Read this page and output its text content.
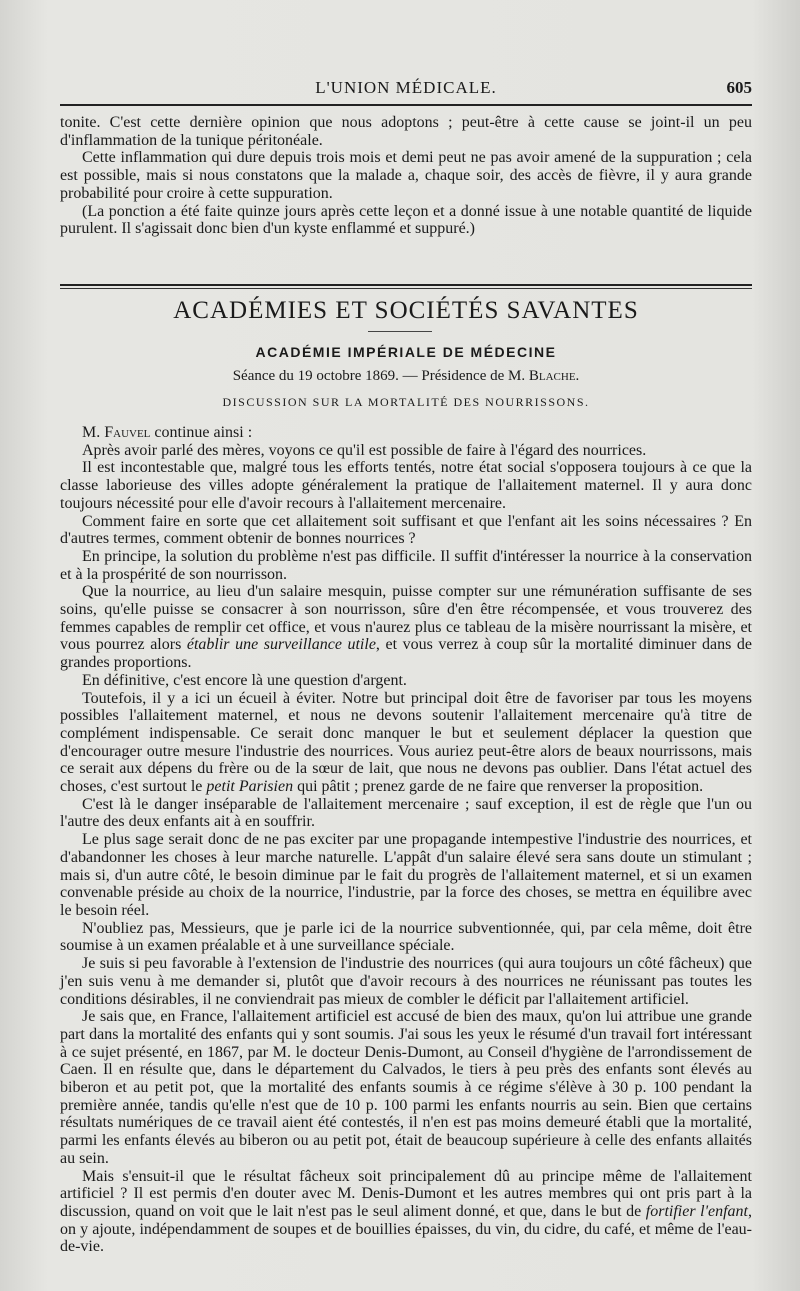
L'UNION MÉDICALE.	605

tonite. C'est cette dernière opinion que nous adoptons ; peut-être à cette cause se joint-il un peu d'inflammation de la tunique péritonéale.

Cette inflammation qui dure depuis trois mois et demi peut ne pas avoir amené de la suppuration ; cela est possible, mais si nous constatons que la malade a, chaque soir, des accès de fièvre, il y aura grande probabilité pour croire à cette suppuration.

(La ponction a été faite quinze jours après cette leçon et a donné issue à une notable quantité de liquide purulent. Il s'agissait donc bien d'un kyste enflammé et suppuré.)

ACADÉMIES ET SOCIÉTÉS SAVANTES
ACADÉMIE IMPÉRIALE DE MÉDECINE
Séance du 19 octobre 1869. — Présidence de M. Blache.
DISCUSSION SUR LA MORTALITÉ DES NOURRISSONS.

M. Fauvel continue ainsi :

Après avoir parlé des mères, voyons ce qu'il est possible de faire à l'égard des nourrices.

Il est incontestable que, malgré tous les efforts tentés, notre état social s'opposera toujours à ce que la classe laborieuse des villes adopte généralement la pratique de l'allaitement maternel. Il y aura donc toujours nécessité pour elle d'avoir recours à l'allaitement mercenaire.

Comment faire en sorte que cet allaitement soit suffisant et que l'enfant ait les soins nécessaires ? En d'autres termes, comment obtenir de bonnes nourrices ?

En principe, la solution du problème n'est pas difficile. Il suffit d'intéresser la nourrice à la conservation et à la prospérité de son nourrisson.

Que la nourrice, au lieu d'un salaire mesquin, puisse compter sur une rémunération suffisante de ses soins, qu'elle puisse se consacrer à son nourrisson, sûre d'en être récompensée, et vous trouverez des femmes capables de remplir cet office, et vous n'aurez plus ce tableau de la misère nourrissant la misère, et vous pourrez alors établir une surveillance utile, et vous verrez à coup sûr la mortalité diminuer dans de grandes proportions.

En définitive, c'est encore là une question d'argent.

Toutefois, il y a ici un écueil à éviter. Notre but principal doit être de favoriser par tous les moyens possibles l'allaitement maternel, et nous ne devons soutenir l'allaitement mercenaire qu'à titre de complément indispensable. Ce serait donc manquer le but et seulement déplacer la question que d'encourager outre mesure l'industrie des nourrices. Vous auriez peut-être alors de beaux nourrissons, mais ce serait aux dépens du frère ou de la sœur de lait, que nous ne devons pas oublier. Dans l'état actuel des choses, c'est surtout le petit Parisien qui pâtit ; prenez garde de ne faire que renverser la proposition.

C'est là le danger inséparable de l'allaitement mercenaire ; sauf exception, il est de règle que l'un ou l'autre des deux enfants ait à en souffrir.

Le plus sage serait donc de ne pas exciter par une propagande intempestive l'industrie des nourrices, et d'abandonner les choses à leur marche naturelle. L'appât d'un salaire élevé sera sans doute un stimulant ; mais si, d'un autre côté, le besoin diminue par le fait du progrès de l'allaitement maternel, et si un examen convenable préside au choix de la nourrice, l'industrie, par la force des choses, se mettra en équilibre avec le besoin réel.

N'oubliez pas, Messieurs, que je parle ici de la nourrice subventionnée, qui, par cela même, doit être soumise à un examen préalable et à une surveillance spéciale.

Je suis si peu favorable à l'extension de l'industrie des nourrices (qui aura toujours un côté fâcheux) que j'en suis venu à me demander si, plutôt que d'avoir recours à des nourrices ne réunissant pas toutes les conditions désirables, il ne conviendrait pas mieux de combler le déficit par l'allaitement artificiel.

Je sais que, en France, l'allaitement artificiel est accusé de bien des maux, qu'on lui attribue une grande part dans la mortalité des enfants qui y sont soumis. J'ai sous les yeux le résumé d'un travail fort intéressant à ce sujet présenté, en 1867, par M. le docteur Denis-Dumont, au Conseil d'hygiène de l'arrondissement de Caen. Il en résulte que, dans le département du Calvados, le tiers à peu près des enfants sont élevés au biberon et au petit pot, que la mortalité des enfants soumis à ce régime s'élève à 30 p. 100 pendant la première année, tandis qu'elle n'est que de 10 p. 100 parmi les enfants nourris au sein. Bien que certains résultats numériques de ce travail aient été contestés, il n'en est pas moins demeuré établi que la mortalité, parmi les enfants élevés au biberon ou au petit pot, était de beaucoup supérieure à celle des enfants allaités au sein.

Mais s'ensuit-il que le résultat fâcheux soit principalement dû au principe même de l'allaitement artificiel ? Il est permis d'en douter avec M. Denis-Dumont et les autres membres qui ont pris part à la discussion, quand on voit que le lait n'est pas le seul aliment donné, et que, dans le but de fortifier l'enfant, on y ajoute, indépendamment de soupes et de bouillies épaisses, du vin, du cidre, du café, et même de l'eau-de-vie.
